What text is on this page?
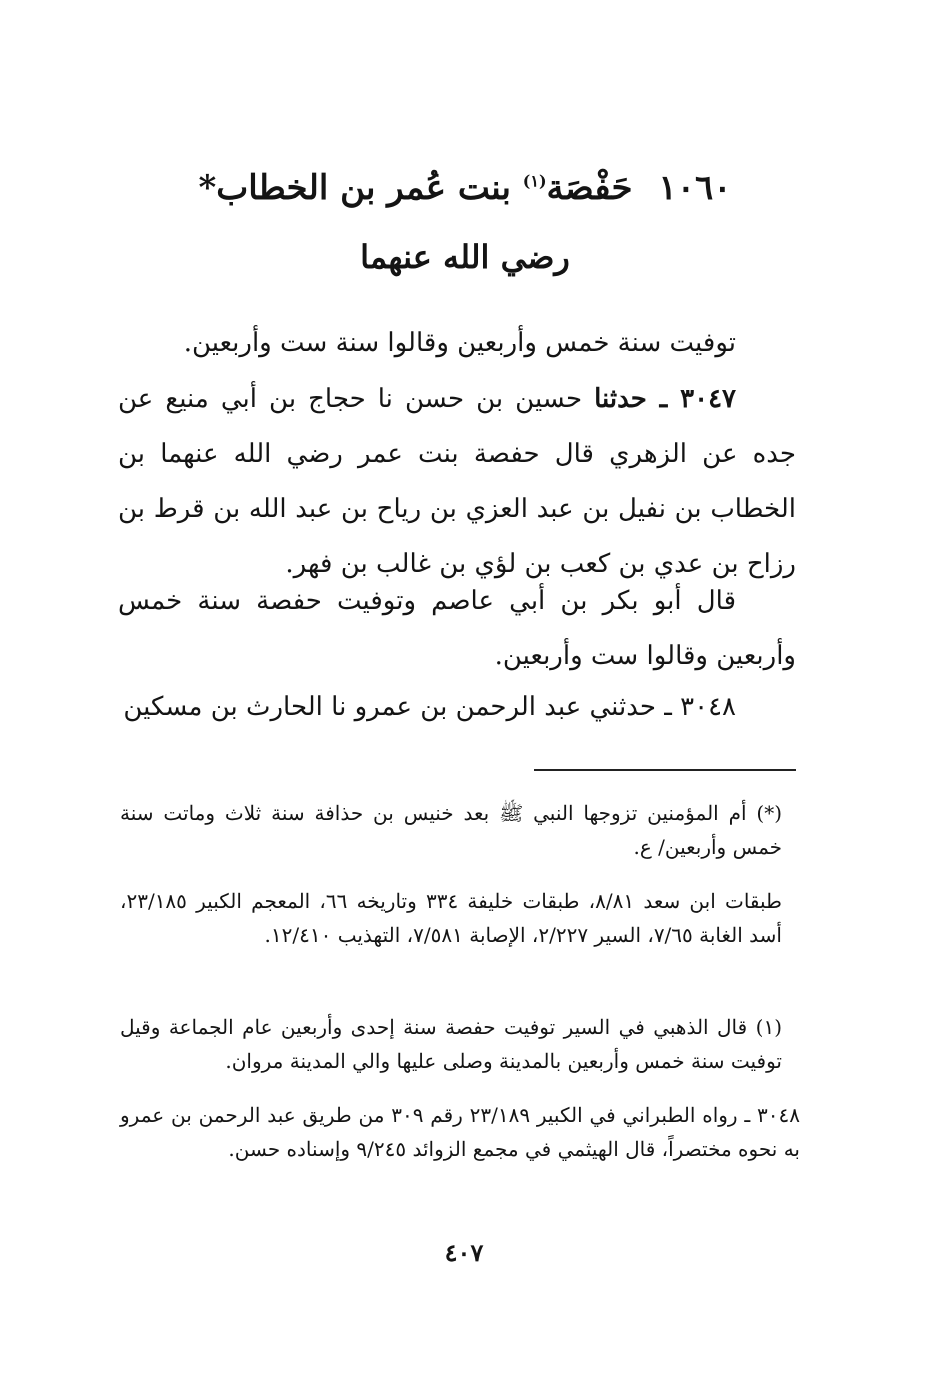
١٠٦٠حَفْصَة$^{(١)}$ بنت عُمر بن الخطاب*
رضي الله عنهما
توفيت سنة خمس وأربعين وقالوا سنة ست وأربعين.
٣٠٤٧ ـ حدثنا حسين بن حسن نا حجاج بن أبي منيع عن جده عن الزهري قال حفصة بنت عمر رضي الله عنهما بن الخطاب بن نفيل بن عبد العزي بن رياح بن عبد الله بن قرط بن رزاح بن عدي بن كعب بن لؤي بن غالب بن فهر.
قال أبو بكر بن أبي عاصم وتوفيت حفصة سنة خمس وأربعين وقالوا ست وأربعين.
٣٠٤٨ ـ حدثني عبد الرحمن بن عمرو نا الحارث بن مسكين
(*) أم المؤمنين تزوجها النبي ﷺ بعد خنيس بن حذافة سنة ثلاث وماتت سنة خمس وأربعين/ ع.
طبقات ابن سعد ٨/٨١، طبقات خليفة ٣٣٤ وتاريخه ٦٦، المعجم الكبير ٢٣/١٨٥، أسد الغابة ٧/٦٥، السير ٢/٢٢٧، الإصابة ٧/٥٨١، التهذيب ١٢/٤١٠.
(١) قال الذهبي في السير توفيت حفصة سنة إحدى وأربعين عام الجماعة وقيل توفيت سنة خمس وأربعين بالمدينة وصلى عليها والي المدينة مروان.
٣٠٤٨ ـ رواه الطبراني في الكبير ٢٣/١٨٩ رقم ٣٠٩ من طريق عبد الرحمن بن عمرو به نحوه مختصراً، قال الهيثمي في مجمع الزوائد ٩/٢٤٥ وإسناده حسن.
٤٠٧
